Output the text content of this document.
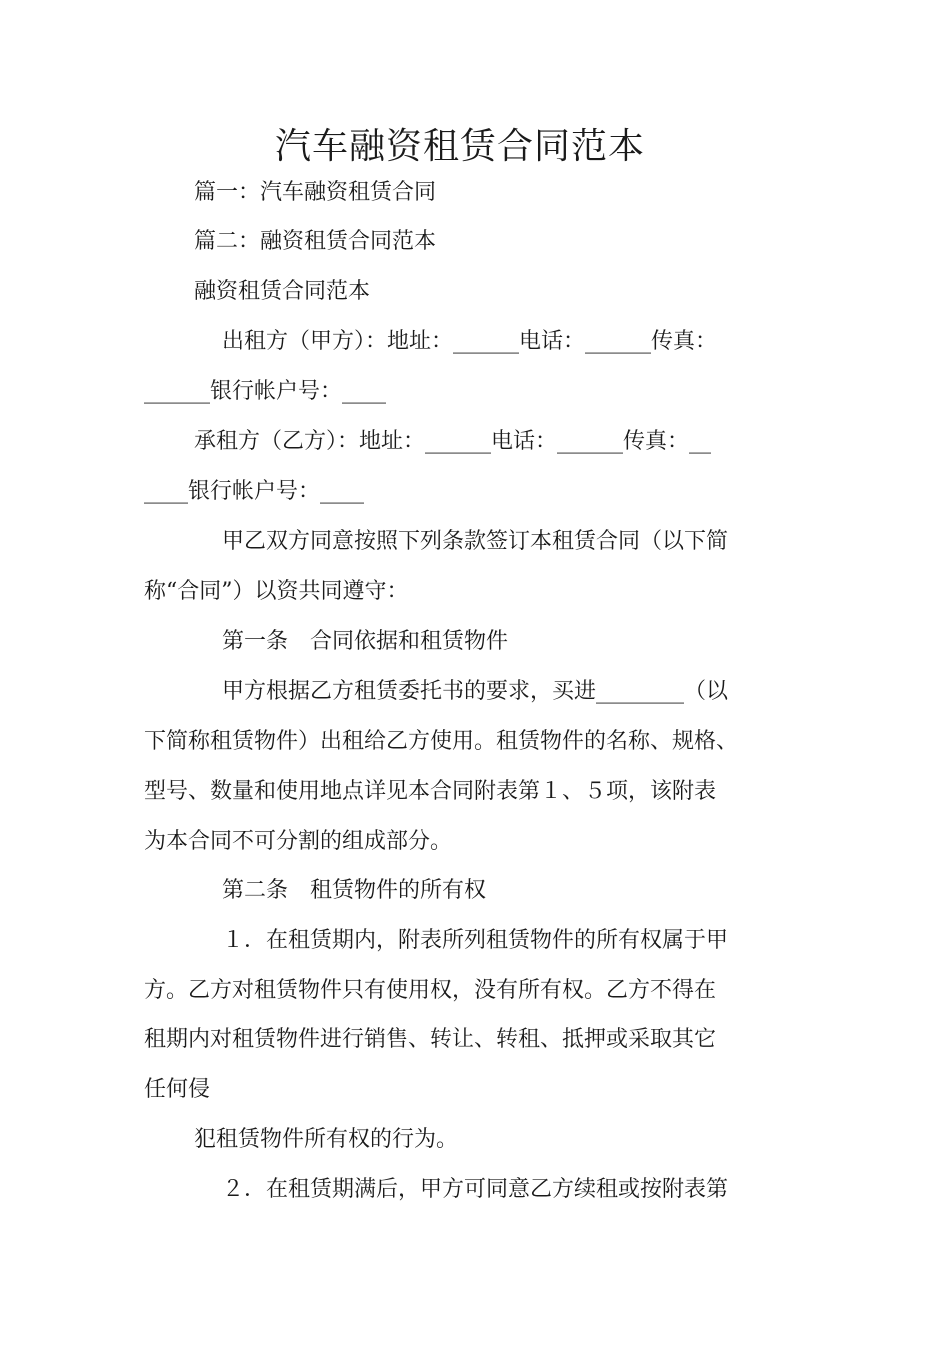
汽车融资租赁合同范本
篇一：汽车融资租赁合同
篇二：融资租赁合同范本
融资租赁合同范本
出租方（甲方）：地址：______电话：______传真：
______银行帐户号：____
承租方（乙方）：地址：______电话：______传真：__
____银行帐户号：____
甲乙双方同意按照下列条款签订本租赁合同（以下简
称“合同”）以资共同遵守：
第一条　合同依据和租赁物件
甲方根据乙方租赁委托书的要求，买进________（以
下简称租赁物件）出租给乙方使用。租赁物件的名称、规格、
型号、数量和使用地点详见本合同附表第１、５项，该附表
为本合同不可分割的组成部分。
第二条　租赁物件的所有权
１．在租赁期内，附表所列租赁物件的所有权属于甲
方。乙方对租赁物件只有使用权，没有所有权。乙方不得在
租期内对租赁物件进行销售、转让、转租、抵押或采取其它
任何侵
犯租赁物件所有权的行为。
２．在租赁期满后，甲方可同意乙方续租或按附表第
